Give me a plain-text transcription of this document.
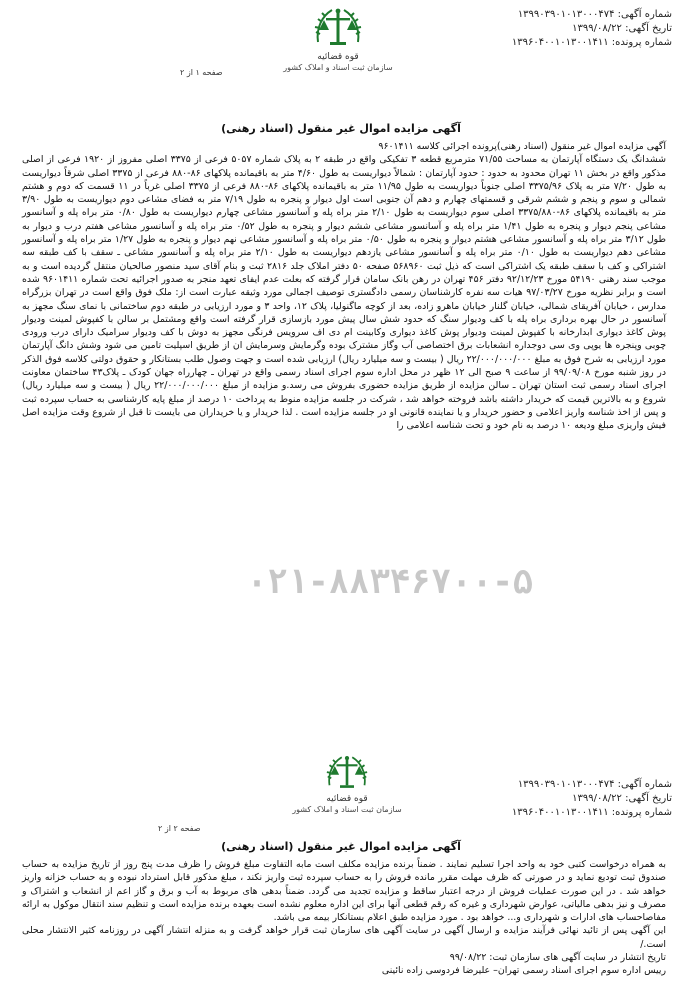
شماره آگهی: ۱۳۹۹۰۳۹۰۱۰۱۳۰۰۰۴۷۴
تاریخ آگهی: ۱۳۹۹/۰۸/۲۲
شماره پرونده: ۱۳۹۶۰۴۰۰۱۰۱۳۰۰۱۴۱۱
قوه قضائیه
سازمان ثبت اسناد و املاک کشور
صفحه ۱ از ۲
آگهی مزایده اموال غیر منقول (اسناد رهنی)

آگهی مزایده اموال غیر منقول (اسناد رهنی)پرونده اجرائی کلاسه ۹۶۰۱۴۱۱

ششدانگ یک دستگاه آپارتمان به مساحت ۷۱/۵۵ مترمربع قطعه ۳ تفکیکی واقع در طبقه ۲ به پلاک شماره ۵۰۵۷ فرعی از ۳۳۷۵ اصلی مفروز از ۱۹۲۰ فرعی از اصلی مذکور واقع در بخش ۱۱ تهران محدود به حدود : حدود آپارتمان : شمالاً دیواریست به طول ۴/۶۰ متر به باقیمانده پلاکهای ۸۶-۸۸۰ فرعی از ۳۳۷۵ اصلی شرقاً دیواریست به طول ۷/۲۰ متر به پلاک ۳۳۷۵/۹۶ اصلی جنوباً دیواریست به طول ۱۱/۹۵ متر به باقیمانده پلاکهای ۸۶-۸۸۰ فرعی از ۳۳۷۵ اصلی غرباً در ۱۱ قسمت که دوم و هشتم شمالی و سوم و پنجم و ششم شرقی و قسمتهای چهارم و دهم آن جنوبی است اول دیوار و پنجره به طول ۷/۱۹ متر به فضای مشاعی دوم دیواریست به طول ۳/۹۰ متر به باقیمانده پلاکهای ۸۶-۳۳۷۵/۸۸۰ اصلی سوم دیواریست به طول ۲/۱۰ متر براه پله و آسانسور مشاعی چهارم دیواریست به طول ۰/۸۰ متر براه پله و آسانسور مشاعی پنجم دیوار و پنجره به طول ۱/۴۱ متر براه پله و آسانسور مشاعی ششم دیوار و پنجره به طول ۰/۵۲ متر براه پله و آسانسور مشاعی هفتم درب و دیوار به طول ۳/۱۲ متر براه پله و آسانسور مشاعی هشتم دیوار و پنجره به طول ۰/۵۰ متر براه پله و آسانسور مشاعی نهم دیوار و پنجره به طول ۱/۲۷ متر براه پله و آسانسور مشاعی دهم دیواریست به طول ۰/۱۰ متر براه پله و آسانسور مشاعی یازدهم دیواریست به طول ۲/۱۰ متر براه پله و آسانسور مشاعی ـ سقف با کف طبقه سه اشتراکی و کف با سقف طبقه یک اشتراکی است که ذیل ثبت ۵۶۸۹۶۰ صفحه ۵۰ دفتر املاک جلد ۲۸۱۶ ثبت و بنام آقای سید منصور صالحیان منتقل گردیده است و به موجب سند رهنی ۵۴۱۹۰ مورخ ۹۲/۱۲/۲۳ دفتر ۴۵۶ تهران در رهن بانک سامان قرار گرفته که بعلت عدم ایفای تعهد منجر به صدور اجرائیه تحت شماره ۹۶۰۱۴۱۱ شده است و برابر نظریه مورخ ۹۷/۰۳/۲۷ هیات سه نفره کارشناسان رسمی دادگستری توصیف اجمالی مورد وثیقه عبارت است از: ملک فوق واقع است در تهران بزرگراه مدارس ، خیابان آفریقای شمالی، خیابان گلنار خیابان ماهرو زاده، بعد از کوچه ماگنولیا، پلاک ۱۲، واحد ۳ و مورد ارزیابی در طبقه دوم ساختمانی با نمای سنگ مجهز به آسانسور در حال بهره برداری براه پله با کف ودیوار سنگ که حدود شش سال پیش مورد بازسازی قرار گرفته است واقع ومشتمل بر سالن با کفپوش لمینت ودیوار پوش کاغذ دیواری ابدارخانه با کفپوش لمینت ودیوار پوش کاغذ دیواری وکابینت ام دی اف سرویس فرنگی مجهز به دوش با کف ودیوار سرامیک دارای درب ورودی چوبی وپنجره ها یوپی وی سی دوجداره انشعابات برق اختصاصی آب وگاز مشترک بوده وگرمایش وسرمایش ان از طریق اسپلیت تامین می شود وشش دانگ آپارتمان مورد ارزیابی به شرح فوق به مبلغ ۲۲/۰۰۰/۰۰۰/۰۰۰ ریال ( بیست و سه میلیارد ریال) ارزیابی شده است و جهت وصول طلب بستانکار و حقوق دولتی کلاسه فوق الذکر در روز شنبه مورخ ۹۹/۰۹/۰۸ از ساعت ۹ صبح الی ۱۲ ظهر در محل اداره سوم اجرای اسناد رسمی واقع در تهران ـ چهارراه جهان کودک ـ پلاک۴۳ ساختمان معاونت اجرای اسناد رسمی ثبت استان تهران ـ سالن مزایده از طریق مزایده حضوری بفروش می رسد.و مزایده از مبلغ ۲۲/۰۰۰/۰۰۰/۰۰۰ ریال ( بیست و سه میلیارد ریال) شروع و به بالاترین قیمت که خریدار داشته باشد فروخته خواهد شد ، شرکت در جلسه مزایده منوط به پرداخت ۱۰ درصد از مبلغ پایه کارشناسی به حساب سپرده ثبت و پس از اخذ شناسه واریز اعلامی و حضور خریدار و یا نماینده قانونی او در جلسه مزایده است . لذا خریدار و یا خریداران می بایست تا قبل از شروع وقت مزایده اصل فیش واریزی مبلغ ودیعه ۱۰ درصد به نام خود و تحت شناسه اعلامی را

۰۲۱-۸۸۳۴۶۷۰۰-۵
شماره آگهی: ۱۳۹۹۰۳۹۰۱۰۱۳۰۰۰۴۷۴
تاریخ آگهی: ۱۳۹۹/۰۸/۲۲
شماره پرونده: ۱۳۹۶۰۴۰۰۱۰۱۳۰۰۱۴۱۱
قوه قضائیه
سازمان ثبت اسناد و املاک کشور
صفحه ۲ از ۲
آگهی مزایده اموال غیر منقول (اسناد رهنی)

به همراه درخواست کتبی خود به واحد اجرا تسلیم نمایند . ضمناً برنده مزایده مکلف است مابه التفاوت مبلغ فروش را ظرف مدت پنج روز از تاریخ مزایده به حساب صندوق ثبت تودیع نماید و در صورتی که ظرف مهلت مقرر مانده فروش را به حساب سپرده ثبت واریز نکند ، مبلغ مذکور قابل استرداد نبوده و به حساب خزانه واریز خواهد شد . در این صورت عملیات فروش از درجه اعتبار ساقط و مزایده تجدید می گردد. ضمناً بدهی های مربوط به آب و برق و گاز اعم از انشعاب و اشتراک و مصرف و نیز بدهی مالیاتی، عوارض شهرداری و غیره که رقم قطعی آنها برای این اداره معلوم نشده است بعهده برنده مزایده است و تنظیم سند انتقال موکول به ارائه مفاصاحساب های ادارات و شهرداری و... خواهد بود . مورد مزایده طبق اعلام بستانکار بیمه می باشد.

این آگهی پس از تائید نهائی فرآیند مزایده و ارسال آگهی در سایت آگهی های سازمان ثبت قرار خواهد گرفت و به منزله انتشار آگهی در روزنامه کثیر الانتشار محلی است./

تاریخ انتشار در سایت آگهی های سازمان ثبت: ۹۹/۰۸/۲۲

رییس اداره سوم اجرای اسناد رسمی تهران– علیرضا فردوسی زاده نائینی
